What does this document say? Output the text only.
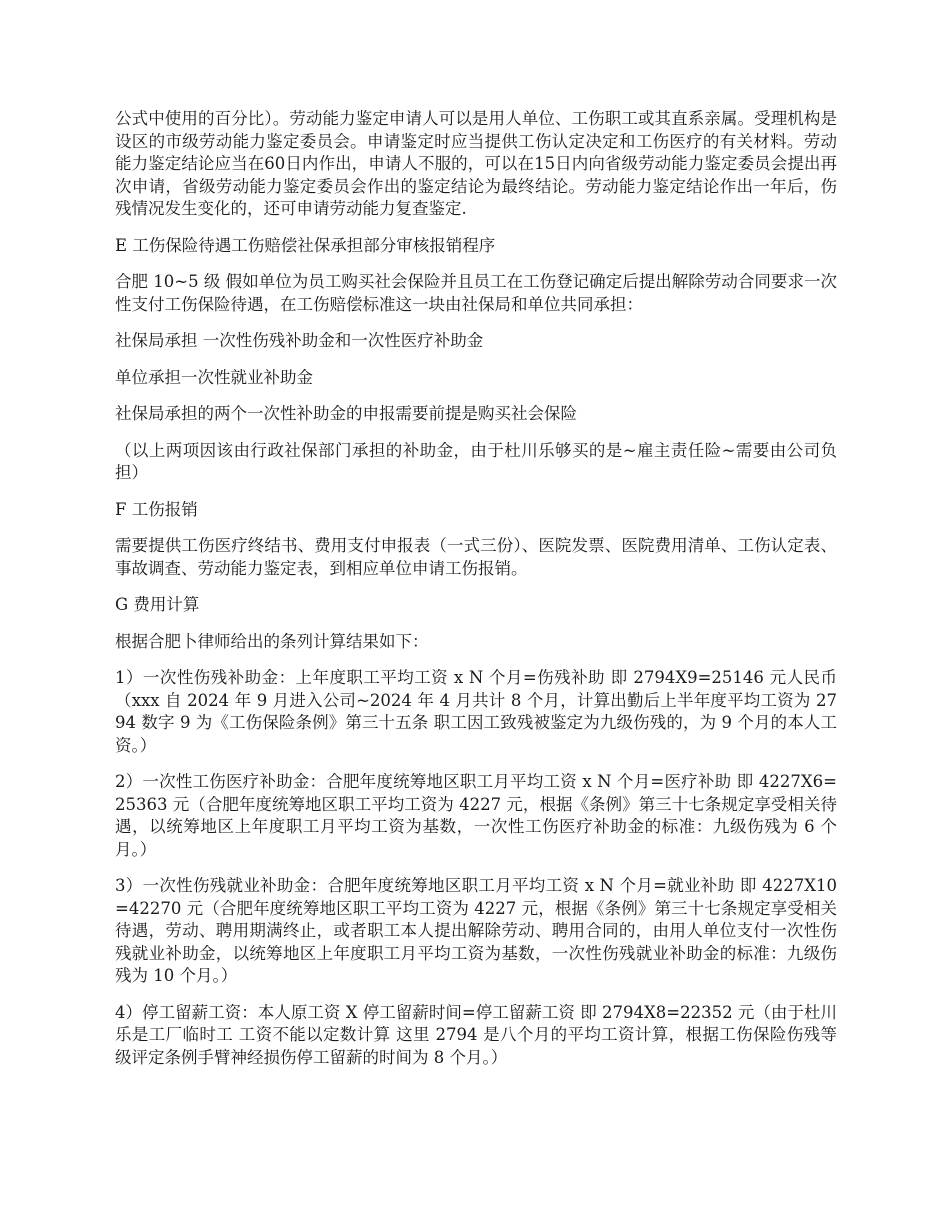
公式中使用的百分比）。劳动能力鉴定申请人可以是用人单位、工伤职工或其直系亲属。受理机构是设区的市级劳动能力鉴定委员会。申请鉴定时应当提供工伤认定决定和工伤医疗的有关材料。劳动能力鉴定结论应当在60日内作出，申请人不服的，可以在15日内向省级劳动能力鉴定委员会提出再次申请，省级劳动能力鉴定委员会作出的鉴定结论为最终结论。劳动能力鉴定结论作出一年后，伤残情况发生变化的，还可申请劳动能力复查鉴定.

E 工伤保险待遇工伤赔偿社保承担部分审核报销程序

合肥 10~5 级 假如单位为员工购买社会保险并且员工在工伤登记确定后提出解除劳动合同要求一次性支付工伤保险待遇，在工伤赔偿标准这一块由社保局和单位共同承担：

社保局承担 一次性伤残补助金和一次性医疗补助金

单位承担一次性就业补助金

社保局承担的两个一次性补助金的申报需要前提是购买社会保险

（以上两项因该由行政社保部门承担的补助金，由于杜川乐够买的是~雇主责任险~需要由公司负担）

F 工伤报销

需要提供工伤医疗终结书、费用支付申报表（一式三份）、医院发票、医院费用清单、工伤认定表、事故调查、劳动能力鉴定表，到相应单位申请工伤报销。

G 费用计算

根据合肥卜律师给出的条列计算结果如下：

1）一次性伤残补助金：上年度职工平均工资 x N 个月=伤残补助 即 2794X9=25146 元人民币（xxx 自 2024 年 9 月进入公司~2024 年 4 月共计 8 个月，计算出勤后上半年度平均工资为 2794 数字 9 为《工伤保险条例》第三十五条 职工因工致残被鉴定为九级伤残的，为 9 个月的本人工资。）

2）一次性工伤医疗补助金：合肥年度统筹地区职工月平均工资 x N 个月=医疗补助 即 4227X6=25363 元（合肥年度统筹地区职工平均工资为 4227 元，根据《条例》第三十七条规定享受相关待遇，以统筹地区上年度职工月平均工资为基数，一次性工伤医疗补助金的标准：九级伤残为 6 个月。）

3）一次性伤残就业补助金：合肥年度统筹地区职工月平均工资 x N 个月=就业补助 即 4227X10=42270 元（合肥年度统筹地区职工平均工资为 4227 元，根据《条例》第三十七条规定享受相关待遇，劳动、聘用期满终止，或者职工本人提出解除劳动、聘用合同的，由用人单位支付一次性伤残就业补助金，以统筹地区上年度职工月平均工资为基数，一次性伤残就业补助金的标准：九级伤残为 10 个月。）

4）停工留薪工资：本人原工资 X 停工留薪时间=停工留薪工资 即 2794X8=22352 元（由于杜川乐是工厂临时工 工资不能以定数计算 这里 2794 是八个月的平均工资计算，根据工伤保险伤残等级评定条例手臂神经损伤停工留薪的时间为 8 个月。）
